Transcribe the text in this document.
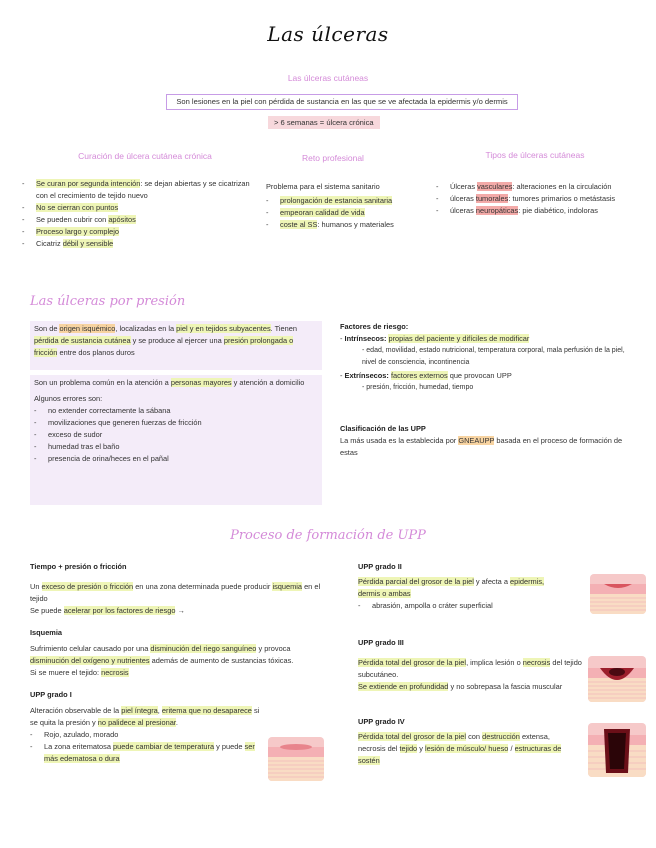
Las úlceras
Las úlceras cutáneas
Son lesiones en la piel con pérdida de sustancia en las que se ve afectada la epidermis y/o dermis
> 6 semanas = úlcera crónica
Curación de úlcera cutánea crónica
- Se curan por segunda intención: se dejan abiertas y se cicatrizan con el crecimiento de tejido nuevo
- No se cierran con puntos
- Se pueden cubrir con apósitos
- Proceso largo y complejo
- Cicatriz débil y sensible
Reto profesional
Problema para el sistema sanitario
- prolongación de estancia sanitaria
- empeoran calidad de vida
- coste al SS: humanos y materiales
Tipos de úlceras cutáneas
- Úlceras vasculares: alteraciones en la circulación
- úlceras tumorales: tumores primarios o metástasis
- úlceras neuropáticas: pie diabético, indoloras
Las úlceras por presión
Son de origen isquémico, localizadas en la piel y en tejidos subyacentes. Tienen pérdida de sustancia cutánea y se produce al ejercer una presión prolongada o fricción entre dos planos duros
Son un problema común en la atención a personas mayores y atención a domicilio
Algunos errores son:
- no extender correctamente la sábana
- movilizaciones que generen fuerzas de fricción
- exceso de sudor
- humedad tras el baño
- presencia de orina/heces en el pañal
Factores de riesgo:
- Intrínsecos: propias del paciente y difíciles de modificar
- edad, movilidad, estado nutricional, temperatura corporal, mala perfusión de la piel, nivel de consciencia, incontinencia
- Extrínsecos: factores externos que provocan UPP
- presión, fricción, humedad, tiempo
Clasificación de las UPP
La más usada es la establecida por GNEAUPP basada en el proceso de formación de estas
Proceso de formación de UPP
Tiempo + presión o fricción
Un exceso de presión o fricción en una zona determinada puede producir isquemia en el tejido
Se puede acelerar por los factores de riesgo →
Isquemia
Sufrimiento celular causado por una disminución del riego sanguíneo y provoca disminución del oxígeno y nutrientes además de aumento de sustancias tóxicas.
Si se muere el tejido: necrosis
UPP grado I
Alteración observable de la piel íntegra, eritema que no desaparece si se quita la presión y no palidece al presionar.
- Rojo, azulado, morado
- La zona eritematosa puede cambiar de temperatura y puede ser más edematosa o dura
UPP grado II
Pérdida parcial del grosor de la piel y afecta a epidermis, dermis o ambas
- abrasión, ampolla o cráter superficial
UPP grado III
Pérdida total del grosor de la piel, implica lesión o necrosis del tejido subcutáneo.
Se extiende en profundidad y no sobrepasa la fascia muscular
UPP grado IV
Pérdida total del grosor de la piel con destrucción extensa, necrosis del tejido y lesión de músculo/ hueso / estructuras de sostén
